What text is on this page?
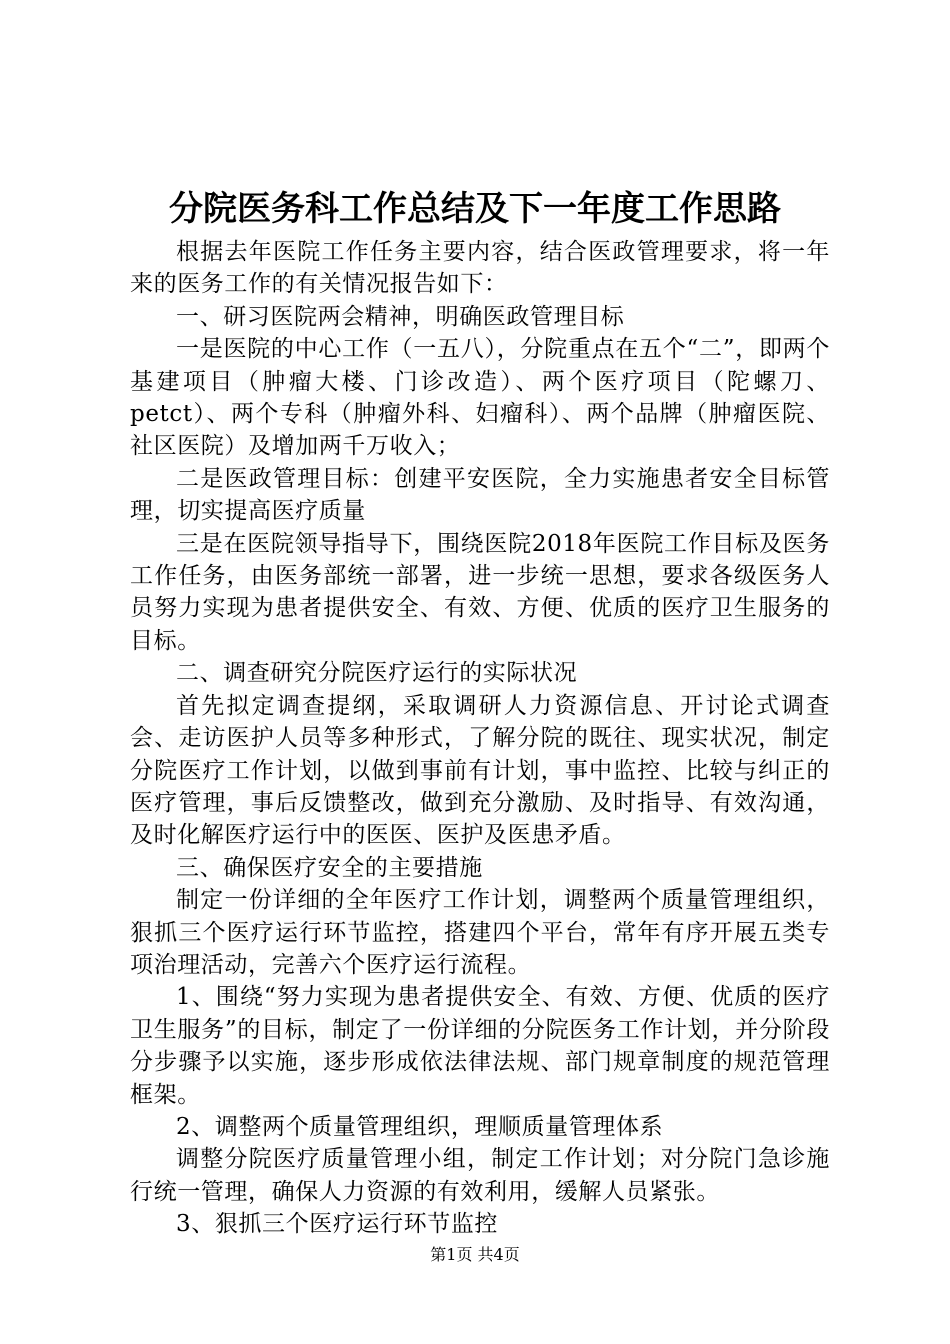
分院医务科工作总结及下一年度工作思路

根据去年医院工作任务主要内容，结合医政管理要求，将一年来的医务工作的有关情况报告如下：

一、研习医院两会精神，明确医政管理目标

一是医院的中心工作（一五八），分院重点在五个“二”，即两个基建项目（肿瘤大楼、门诊改造）、两个医疗项目（陀螺刀、petct）、两个专科（肿瘤外科、妇瘤科）、两个品牌（肿瘤医院、社区医院）及增加两千万收入；

二是医政管理目标：创建平安医院，全力实施患者安全目标管理，切实提高医疗质量

三是在医院领导指导下，围绕医院2018年医院工作目标及医务工作任务，由医务部统一部署，进一步统一思想，要求各级医务人员努力实现为患者提供安全、有效、方便、优质的医疗卫生服务的目标。

二、调查研究分院医疗运行的实际状况

首先拟定调查提纲，采取调研人力资源信息、开讨论式调查会、走访医护人员等多种形式，了解分院的既往、现实状况，制定分院医疗工作计划，以做到事前有计划，事中监控、比较与纠正的医疗管理，事后反馈整改，做到充分激励、及时指导、有效沟通，及时化解医疗运行中的医医、医护及医患矛盾。

三、确保医疗安全的主要措施

制定一份详细的全年医疗工作计划，调整两个质量管理组织，狠抓三个医疗运行环节监控，搭建四个平台，常年有序开展五类专项治理活动，完善六个医疗运行流程。

1、围绕“努力实现为患者提供安全、有效、方便、优质的医疗卫生服务”的目标，制定了一份详细的分院医务工作计划，并分阶段分步骤予以实施，逐步形成依法律法规、部门规章制度的规范管理框架。

2、调整两个质量管理组织，理顺质量管理体系

调整分院医疗质量管理小组，制定工作计划；对分院门急诊施行统一管理，确保人力资源的有效利用，缓解人员紧张。

3、狠抓三个医疗运行环节监控

第1页 共4页
